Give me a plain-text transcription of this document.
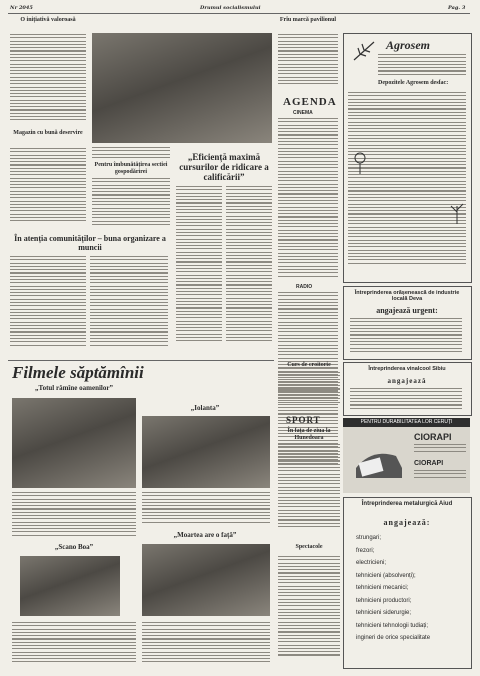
Nr 2045	Drumul socialismului	Pag. 3
O inițiativă valoroasă
Magazin cu bună deservire
În atenția comunităților – buna organizare a muncii
Pentru îmbunătățirea sectiei gospodărirei
„Eficiență maximă cursurilor de ridicare a calificării”
Frîu marcă pavilionul
AGENDA
CINEMA
RADIO
Agrosem
Depozitele Agrosem desfac:
Întreprinderea orășenească de industrie locală Deva
angajează urgent:
Întreprinderea vinalcool Sibiu
angajează
PENTRU DURABILITATEA LOR CERUȚI
CIORAPI
CIORAPI
Întreprinderea metalurgică Aiud
angajează:
strungari;
frezori;
electricieni;
tehnicieni (absolvenți);
tehnicieni mecanici;
tehnicieni productori;
tehnicieni siderurgie;
tehnicieni tehnologii tudiați;
ingineri de orice specialitate
Filmele săptămînii
„Totul rămîne oamenilor”
„Iolanta”
„Scano Boa”
„Moartea are o față”
Curs de croitorie
SPORT
În fața de ziua la Hunedoara
Spectacole
